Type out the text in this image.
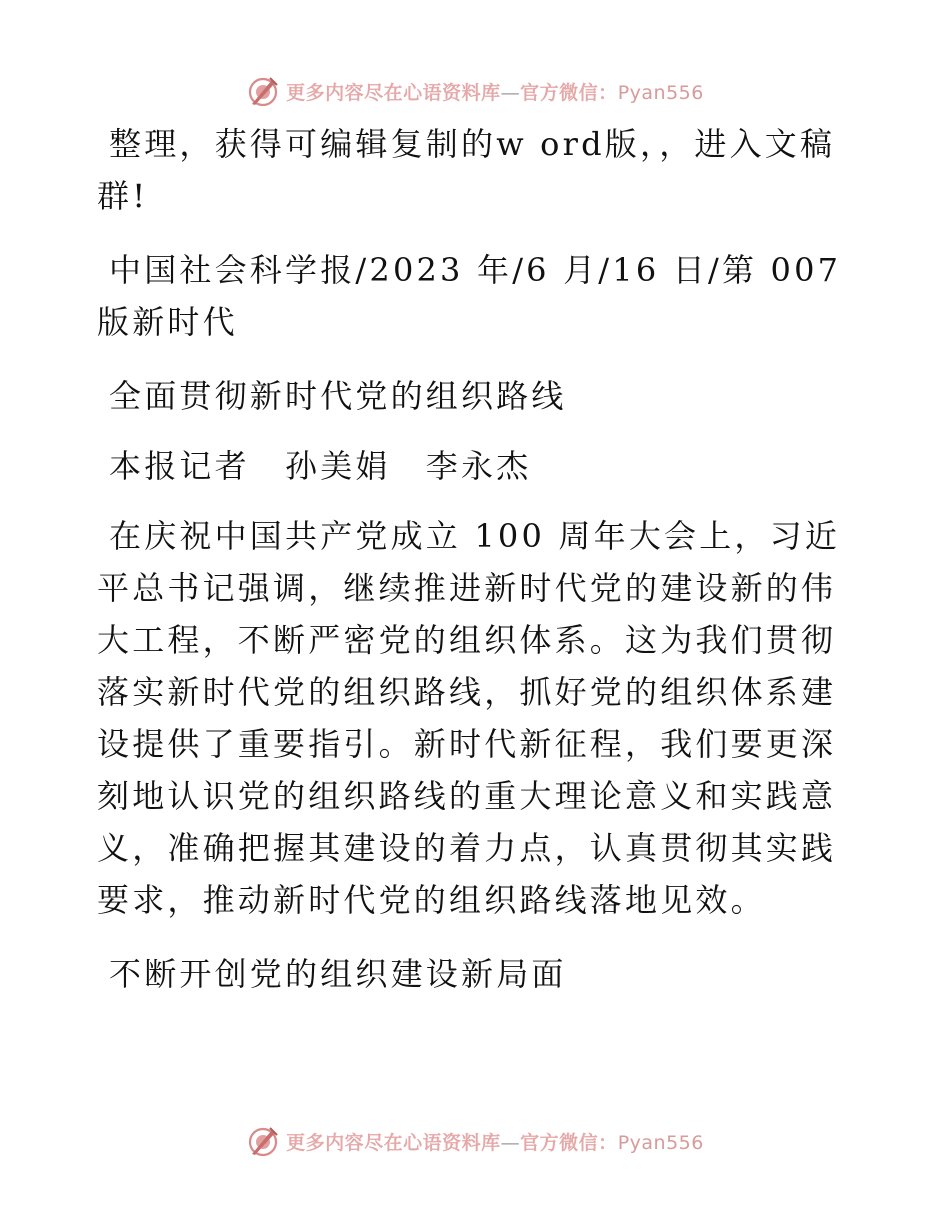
更多内容尽在心语资料库—官方微信：Pyan556

整理，获得可编辑复制的w ord版，，进入文稿群!

中国社会科学报/2023 年/6 月/16 日/第 007 版新时代

全面贯彻新时代党的组织路线

本报记者　孙美娟　李永杰

在庆祝中国共产党成立 100 周年大会上，习近平总书记强调，继续推进新时代党的建设新的伟大工程，不断严密党的组织体系。这为我们贯彻落实新时代党的组织路线，抓好党的组织体系建设提供了重要指引。新时代新征程，我们要更深刻地认识党的组织路线的重大理论意义和实践意义，准确把握其建设的着力点，认真贯彻其实践要求，推动新时代党的组织路线落地见效。

不断开创党的组织建设新局面

更多内容尽在心语资料库—官方微信：Pyan556
